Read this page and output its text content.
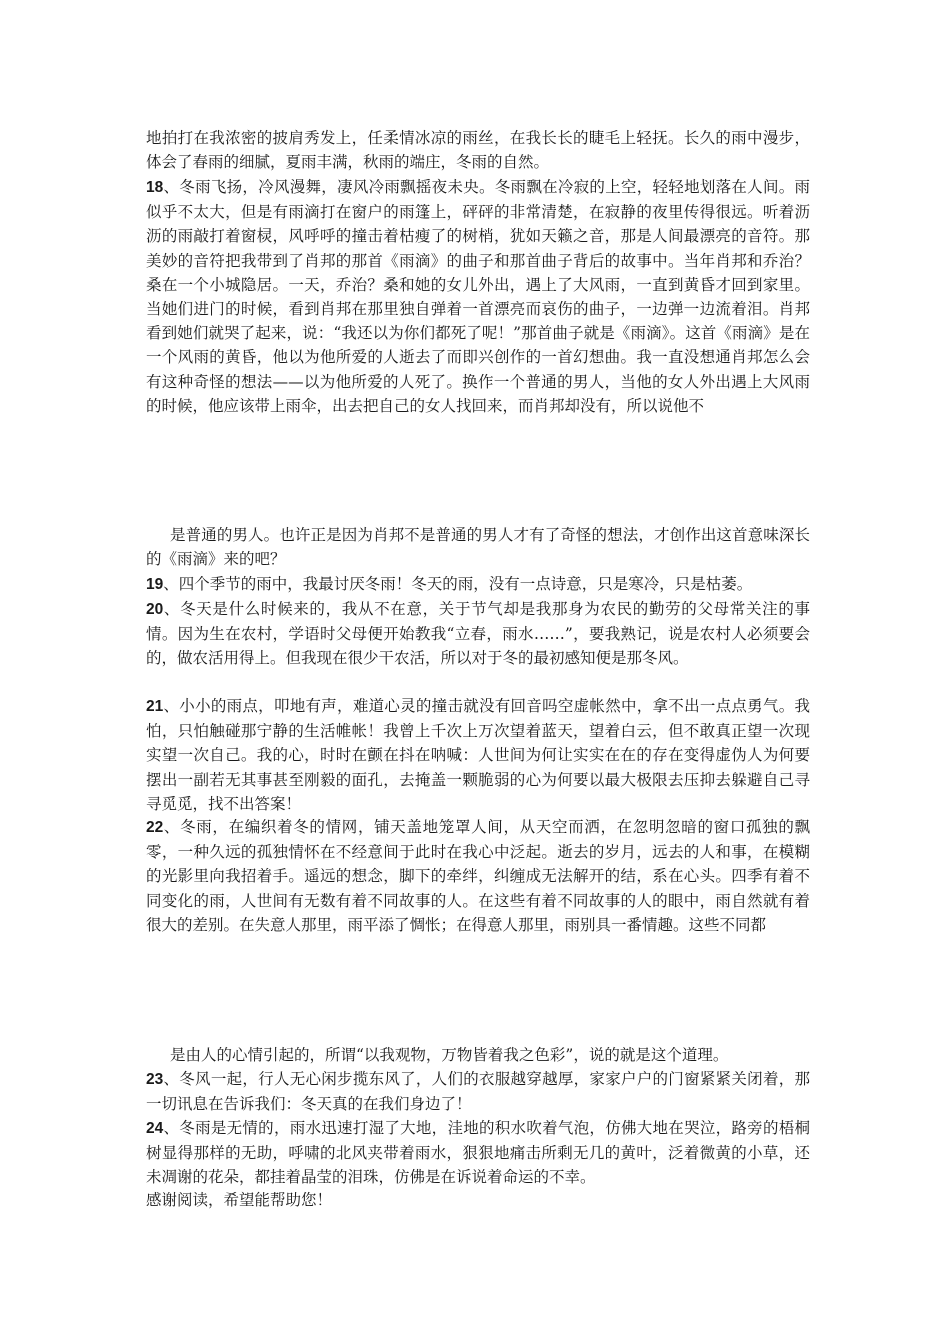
地拍打在我浓密的披肩秀发上，任柔情冰凉的雨丝，在我长长的睫毛上轻抚。长久的雨中漫步，体会了春雨的细腻，夏雨丰满，秋雨的端庄，冬雨的自然。

18、冬雨飞扬，冷风漫舞，凄风冷雨飘摇夜未央。冬雨飘在冷寂的上空，轻轻地划落在人间。雨似乎不太大，但是有雨滴打在窗户的雨篷上，砰砰的非常清楚，在寂静的夜里传得很远。听着沥沥的雨敲打着窗棂，风呼呼的撞击着枯瘦了的树梢，犹如天籁之音，那是人间最漂亮的音符。那美妙的音符把我带到了肖邦的那首《雨滴》的曲子和那首曲子背后的故事中。当年肖邦和乔治？桑在一个小城隐居。一天，乔治？桑和她的女儿外出，遇上了大风雨，一直到黄昏才回到家里。当她们进门的时候，看到肖邦在那里独自弹着一首漂亮而哀伤的曲子，一边弹一边流着泪。肖邦看到她们就哭了起来，说：“我还以为你们都死了呢！”那首曲子就是《雨滴》。这首《雨滴》是在一个风雨的黄昏，他以为他所爱的人逝去了而即兴创作的一首幻想曲。我一直没想通肖邦怎么会有这种奇怪的想法——以为他所爱的人死了。换作一个普通的男人，当他的女人外出遇上大风雨的时候，他应该带上雨伞，出去把自己的女人找回来，而肖邦却没有，所以说他不

是普通的男人。也许正是因为肖邦不是普通的男人才有了奇怪的想法，才创作出这首意味深长的《雨滴》来的吧？

19、四个季节的雨中，我最讨厌冬雨！冬天的雨，没有一点诗意，只是寒冷，只是枯萎。

20、冬天是什么时候来的，我从不在意，关于节气却是我那身为农民的勤劳的父母常关注的事情。因为生在农村，学语时父母便开始教我“立春，雨水……”，要我熟记，说是农村人必须要会的，做农活用得上。但我现在很少干农活，所以对于冬的最初感知便是那冬风。

21、小小的雨点，叩地有声，难道心灵的撞击就没有回音吗空虚帐然中，拿不出一点点勇气。我怕，只怕触碰那宁静的生活帷帐！我曾上千次上万次望着蓝天，望着白云，但不敢真正望一次现实望一次自己。我的心，时时在颤在抖在呐喊：人世间为何让实实在在的存在变得虚伪人为何要摆出一副若无其事甚至刚毅的面孔，去掩盖一颗脆弱的心为何要以最大极限去压抑去躲避自己寻寻觅觅，找不出答案！

22、冬雨，在编织着冬的情网，铺天盖地笼罩人间，从天空而洒，在忽明忽暗的窗口孤独的飘零，一种久远的孤独情怀在不经意间于此时在我心中泛起。逝去的岁月，远去的人和事，在模糊的光影里向我招着手。遥远的想念，脚下的牵绊，纠缠成无法解开的结，系在心头。四季有着不同变化的雨，人世间有无数有着不同故事的人。在这些有着不同故事的人的眼中，雨自然就有着很大的差别。在失意人那里，雨平添了惆怅；在得意人那里，雨别具一番情趣。这些不同都

是由人的心情引起的，所谓“以我观物，万物皆着我之色彩”，说的就是这个道理。

23、冬风一起，行人无心闲步揽东风了，人们的衣服越穿越厚，家家户户的门窗紧紧关闭着，那一切讯息在告诉我们：冬天真的在我们身边了！

24、冬雨是无情的，雨水迅速打湿了大地，洼地的积水吹着气泡，仿佛大地在哭泣，路旁的梧桐树显得那样的无助，呼啸的北风夹带着雨水，狠狠地痛击所剩无几的黄叶，泛着微黄的小草，还未凋谢的花朵，都挂着晶莹的泪珠，仿佛是在诉说着命运的不幸。

感谢阅读，希望能帮助您！
